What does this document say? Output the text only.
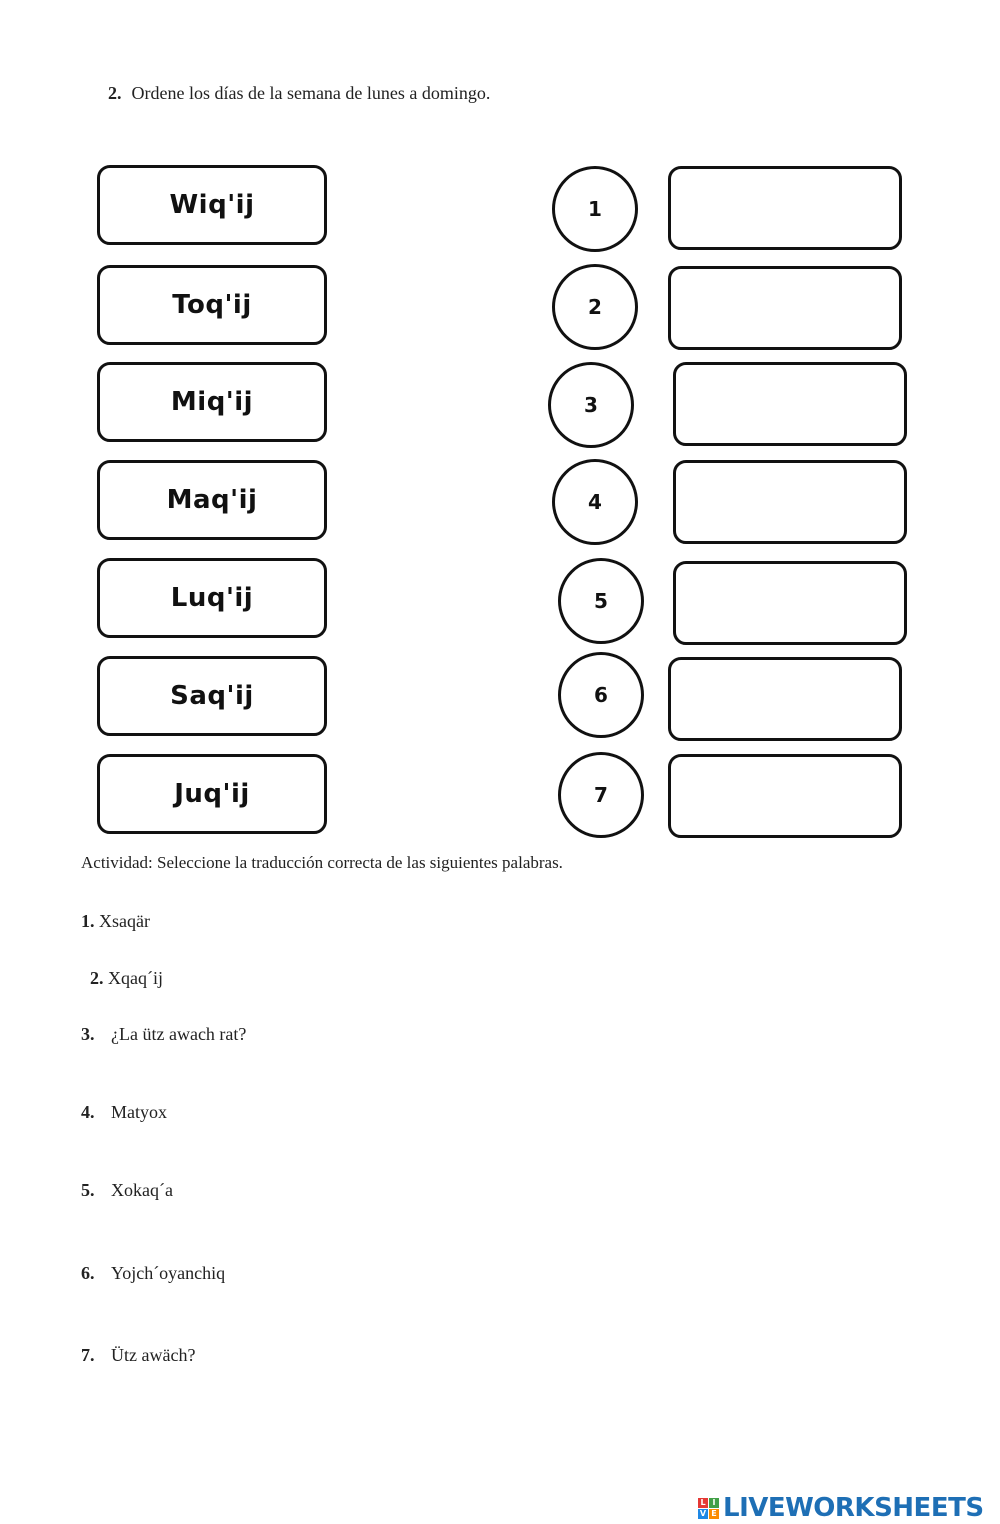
2. Ordene los días de la semana de lunes a domingo.
Wiq'ij
Toq'ij
Miq'ij
Maq'ij
Luq'ij
Saq'ij
Juq'ij
1
2
3
4
5
6
7
Actividad: Seleccione la traducción correcta de las siguientes palabras.
1. Xsaqär
2. Xqaq´ij
3. ¿La ütz awach rat?
4. Matyox
5. Xokaq´a
6. Yojch´oyanchiq
7. Ütz awäch?
L I
V E LIVEWORKSHEETS
